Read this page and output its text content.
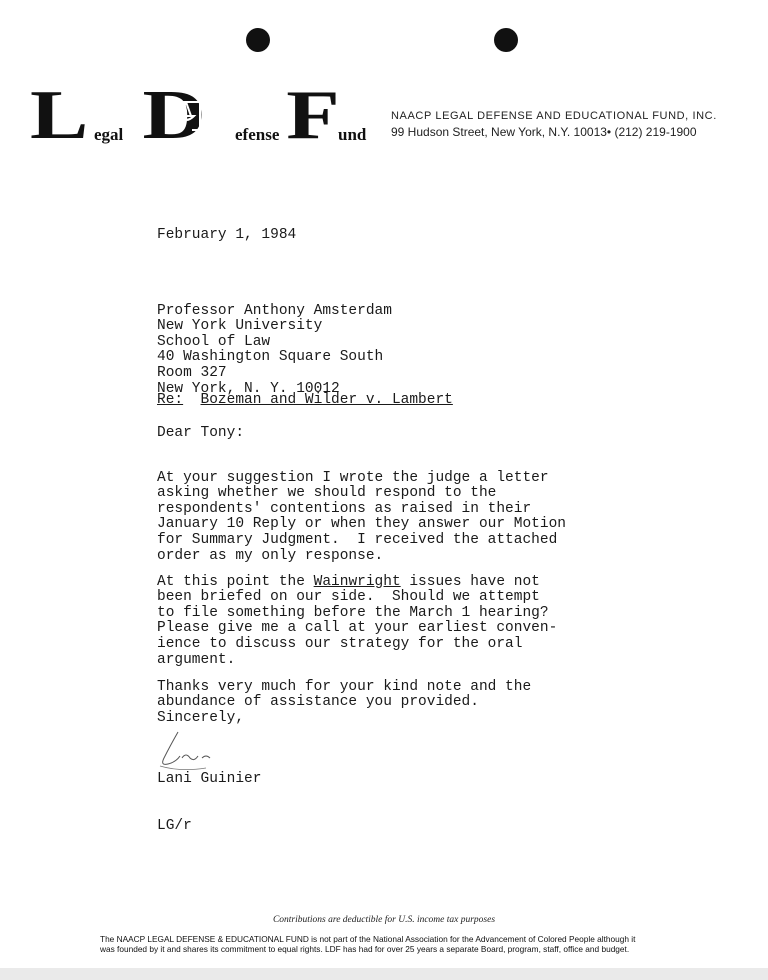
L egal D efense F
und
NAACP LEGAL DEFENSE AND EDUCATIONAL FUND, INC.
99 Hudson Street, New York, N.Y. 10013• (212) 219-1900
February 1, 1984

Professor Anthony Amsterdam
New York University
School of Law
40 Washington Square South
Room 327
New York, N. Y. 10012

Re: Bozeman and Wilder v. Lambert
Dear Tony:

At your suggestion I wrote the judge a letter
asking whether we should respond to the
respondents' contentions as raised in their
January 10 Reply or when they answer our Motion
for Summary Judgment.  I received the attached
order as my only response.

At this point the Wainwright issues have not
been briefed on our side.  Should we attempt
to file something before the March 1 hearing?
Please give me a call at your earliest conven-
ience to discuss our strategy for the oral
argument.

Thanks very much for your kind note and the
abundance of assistance you provided.

Sincerely,
Lani Guinier
LG/r
Contributions are deductible for U.S. income tax purposes
The NAACP LEGAL DEFENSE & EDUCATIONAL FUND is not part of the National Association for the Advancement of Colored People although it
was founded by it and shares its commitment to equal rights. LDF has had for over 25 years a separate Board, program, staff, office and budget.
